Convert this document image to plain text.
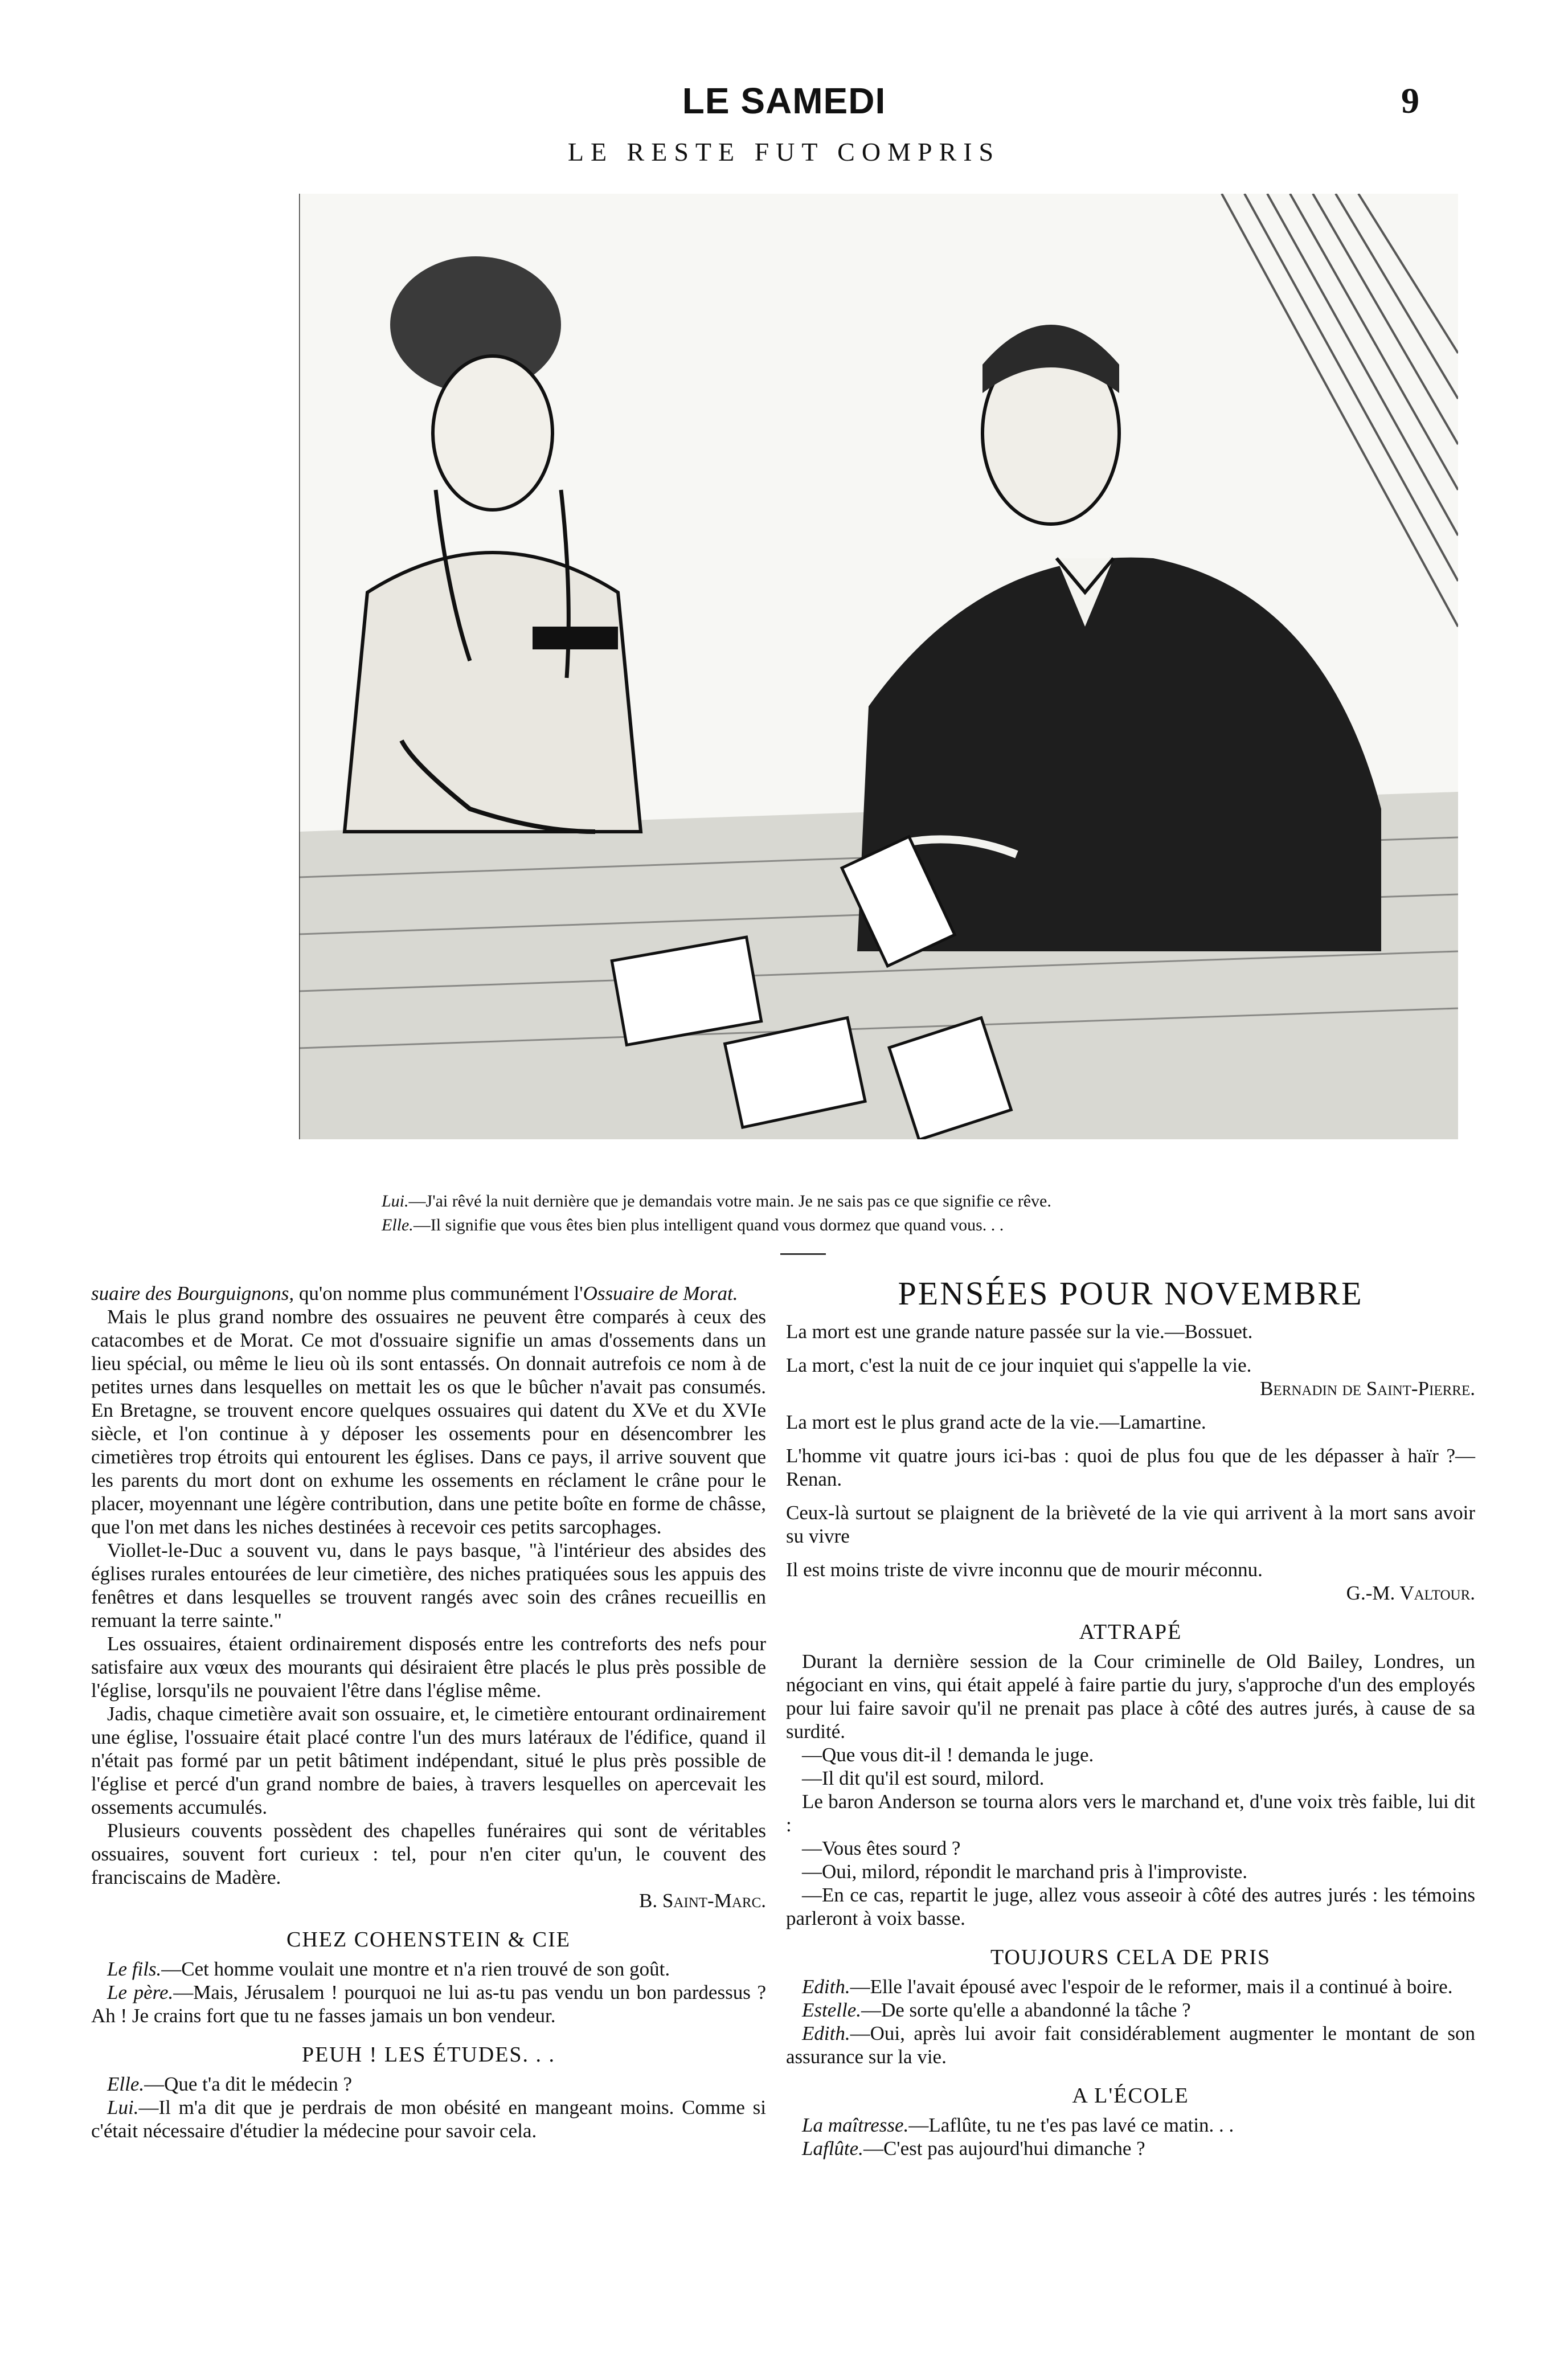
LE SAMEDI	9
LE RESTE FUT COMPRIS

Lui.—J'ai rêvé la nuit dernière que je demandais votre main. Je ne sais pas ce que signifie ce rêve.

Elle.—Il signifie que vous êtes bien plus intelligent quand vous dormez que quand vous. . .

suaire des Bourguignons, qu'on nomme plus communément l'Ossuaire de Morat.

Mais le plus grand nombre des ossuaires ne peuvent être comparés à ceux des catacombes et de Morat. Ce mot d'ossuaire signifie un amas d'ossements dans un lieu spécial, ou même le lieu où ils sont entassés. On donnait autrefois ce nom à de petites urnes dans lesquelles on mettait les os que le bûcher n'avait pas consumés. En Bretagne, se trouvent encore quelques ossuaires qui datent du XVe et du XVIe siècle, et l'on continue à y déposer les ossements pour en désencombrer les cimetières trop étroits qui entourent les églises. Dans ce pays, il arrive souvent que les parents du mort dont on exhume les ossements en réclament le crâne pour le placer, moyennant une légère contribution, dans une petite boîte en forme de châsse, que l'on met dans les niches destinées à recevoir ces petits sarcophages.

Viollet-le-Duc a souvent vu, dans le pays basque, "à l'intérieur des absides des églises rurales entourées de leur cimetière, des niches pratiquées sous les appuis des fenêtres et dans lesquelles se trouvent rangés avec soin des crânes recueillis en remuant la terre sainte."

Les ossuaires, étaient ordinairement disposés entre les contreforts des nefs pour satisfaire aux vœux des mourants qui désiraient être placés le plus près possible de l'église, lorsqu'ils ne pouvaient l'être dans l'église même.

Jadis, chaque cimetière avait son ossuaire, et, le cimetière entourant ordinairement une église, l'ossuaire était placé contre l'un des murs latéraux de l'édifice, quand il n'était pas formé par un petit bâtiment indépendant, situé le plus près possible de l'église et percé d'un grand nombre de baies, à travers lesquelles on apercevait les ossements accumulés.

Plusieurs couvents possèdent des chapelles funéraires qui sont de véritables ossuaires, souvent fort curieux : tel, pour n'en citer qu'un, le couvent des franciscains de Madère.

B. Saint-Marc.

CHEZ COHENSTEIN & CIE

Le fils.—Cet homme voulait une montre et n'a rien trouvé de son goût.

Le père.—Mais, Jérusalem ! pourquoi ne lui as-tu pas vendu un bon pardessus ? Ah ! Je crains fort que tu ne fasses jamais un bon vendeur.

PEUH ! LES ÉTUDES. . .

Elle.—Que t'a dit le médecin ?

Lui.—Il m'a dit que je perdrais de mon obésité en mangeant moins. Comme si c'était nécessaire d'étudier la médecine pour savoir cela.

PENSÉES POUR NOVEMBRE

La mort est une grande nature passée sur la vie.—Bossuet.

La mort, c'est la nuit de ce jour inquiet qui s'appelle la vie.

Bernadin de Saint-Pierre.

La mort est le plus grand acte de la vie.—Lamartine.

L'homme vit quatre jours ici-bas : quoi de plus fou que de les dépasser à haïr ?—Renan.

Ceux-là surtout se plaignent de la brièveté de la vie qui arrivent à la mort sans avoir su vivre

Il est moins triste de vivre inconnu que de mourir méconnu.

G.-M. Valtour.

ATTRAPÉ

Durant la dernière session de la Cour criminelle de Old Bailey, Londres, un négociant en vins, qui était appelé à faire partie du jury, s'approche d'un des employés pour lui faire savoir qu'il ne prenait pas place à côté des autres jurés, à cause de sa surdité.

—Que vous dit-il ! demanda le juge.

—Il dit qu'il est sourd, milord.

Le baron Anderson se tourna alors vers le marchand et, d'une voix très faible, lui dit :

—Vous êtes sourd ?

—Oui, milord, répondit le marchand pris à l'improviste.

—En ce cas, repartit le juge, allez vous asseoir à côté des autres jurés : les témoins parleront à voix basse.

TOUJOURS CELA DE PRIS

Edith.—Elle l'avait épousé avec l'espoir de le reformer, mais il a continué à boire.

Estelle.—De sorte qu'elle a abandonné la tâche ?

Edith.—Oui, après lui avoir fait considérablement augmenter le montant de son assurance sur la vie.

A L'ÉCOLE

La maîtresse.—Laflûte, tu ne t'es pas lavé ce matin. . .

Laflûte.—C'est pas aujourd'hui dimanche ?
